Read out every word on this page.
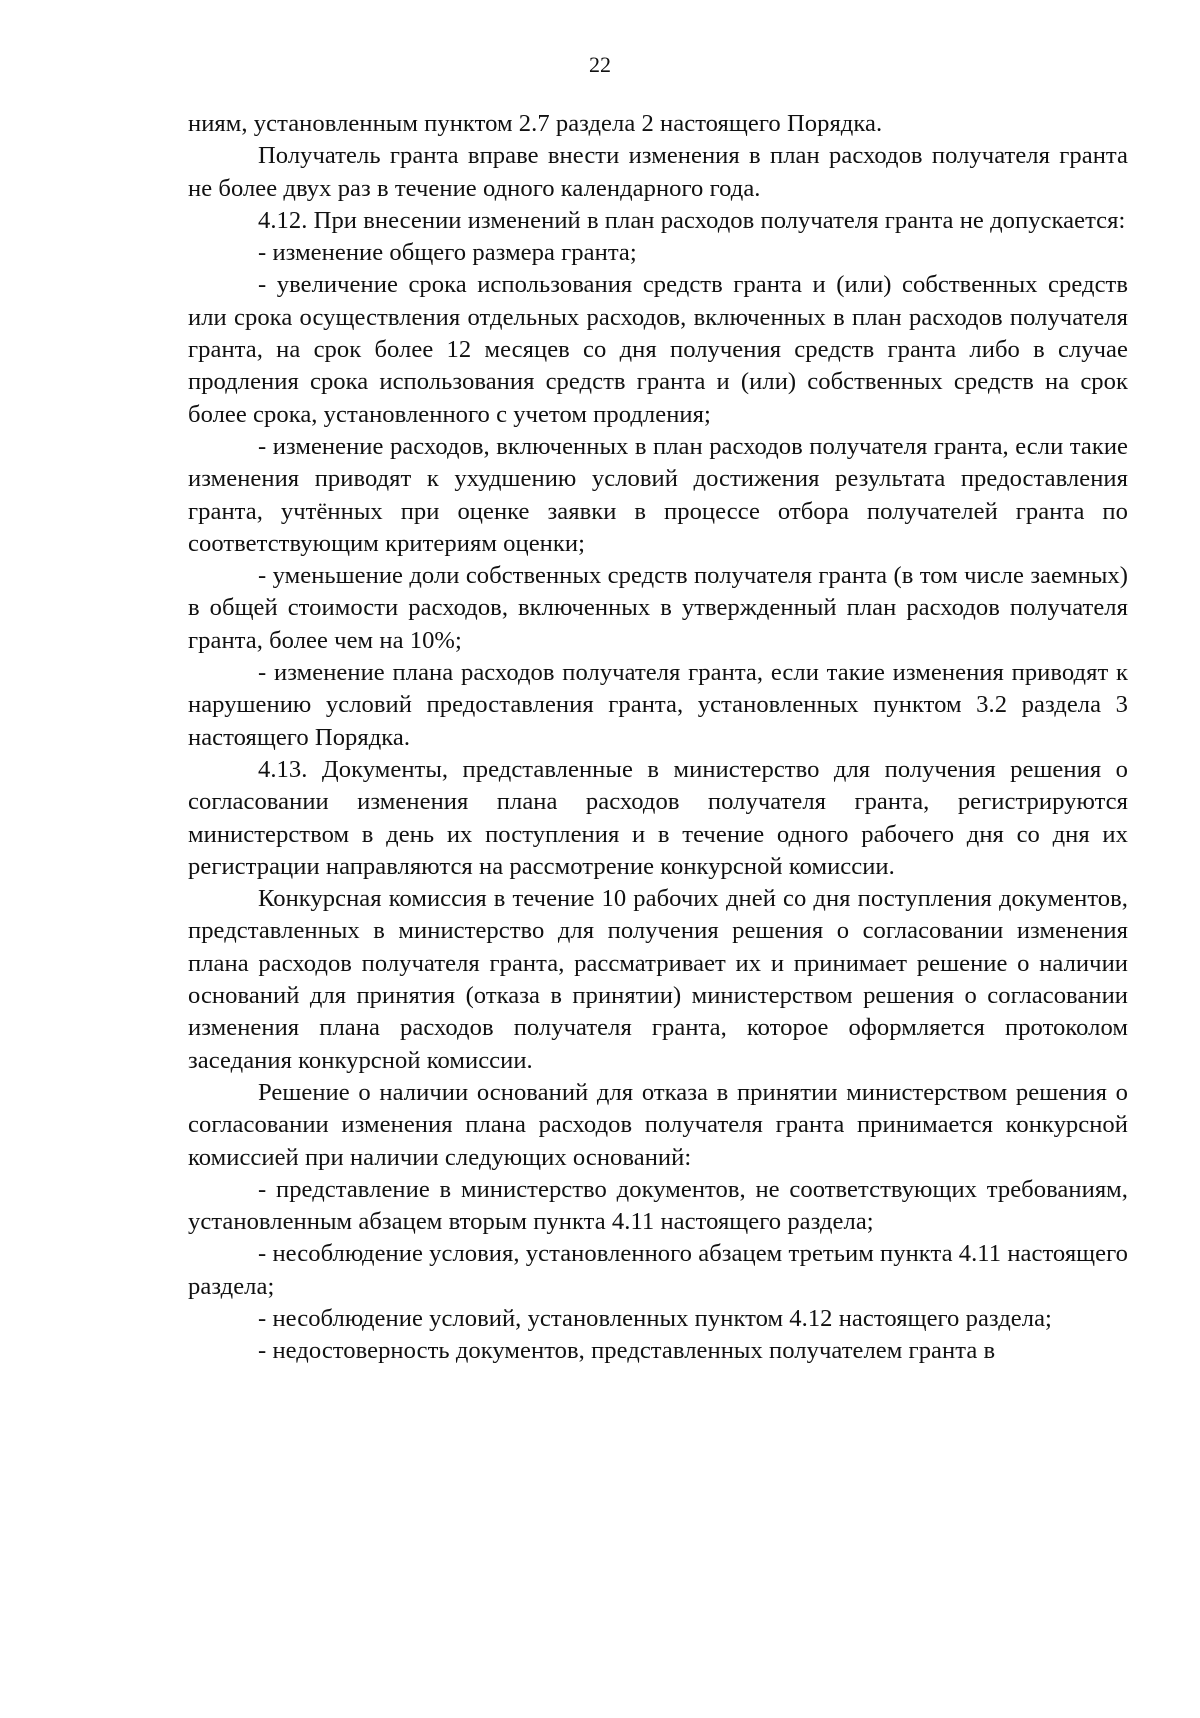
22

ниям, установленным пунктом 2.7 раздела 2 настоящего Порядка.

Получатель гранта вправе внести изменения в план расходов получателя гранта не более двух раз в течение одного календарного года.

4.12. При внесении изменений в план расходов получателя гранта не допускается:

- изменение общего размера гранта;

- увеличение срока использования средств гранта и (или) собственных средств или срока осуществления отдельных расходов, включенных в план расходов получателя гранта, на срок более 12 месяцев со дня получения средств гранта либо в случае продления срока использования средств гранта и (или) собственных средств на срок более срока, установленного с учетом продления;

- изменение расходов, включенных в план расходов получателя гранта, если такие изменения приводят к ухудшению условий достижения результата предоставления гранта, учтённых при оценке заявки в процессе отбора получателей гранта по соответствующим критериям оценки;

- уменьшение доли собственных средств получателя гранта (в том числе заемных) в общей стоимости расходов, включенных в утвержденный план расходов получателя гранта, более чем на 10%;

- изменение плана расходов получателя гранта, если такие изменения приводят к нарушению условий предоставления гранта, установленных пунктом 3.2 раздела 3 настоящего Порядка.

4.13. Документы, представленные в министерство для получения решения о согласовании изменения плана расходов получателя гранта, регистрируются министерством в день их поступления и в течение одного рабочего дня со дня их регистрации направляются на рассмотрение конкурсной комиссии.

Конкурсная комиссия в течение 10 рабочих дней со дня поступления документов, представленных в министерство для получения решения о согласовании изменения плана расходов получателя гранта, рассматривает их и принимает решение о наличии оснований для принятия (отказа в принятии) министерством решения о согласовании изменения плана расходов получателя гранта, которое оформляется протоколом заседания конкурсной комиссии.

Решение о наличии оснований для отказа в принятии министерством решения о согласовании изменения плана расходов получателя гранта принимается конкурсной комиссией при наличии следующих оснований:

- представление в министерство документов, не соответствующих требованиям, установленным абзацем вторым пункта 4.11 настоящего раздела;

- несоблюдение условия, установленного абзацем третьим пункта 4.11 настоящего раздела;

- несоблюдение условий, установленных пунктом 4.12 настоящего раздела;

- недостоверность документов, представленных получателем гранта в
